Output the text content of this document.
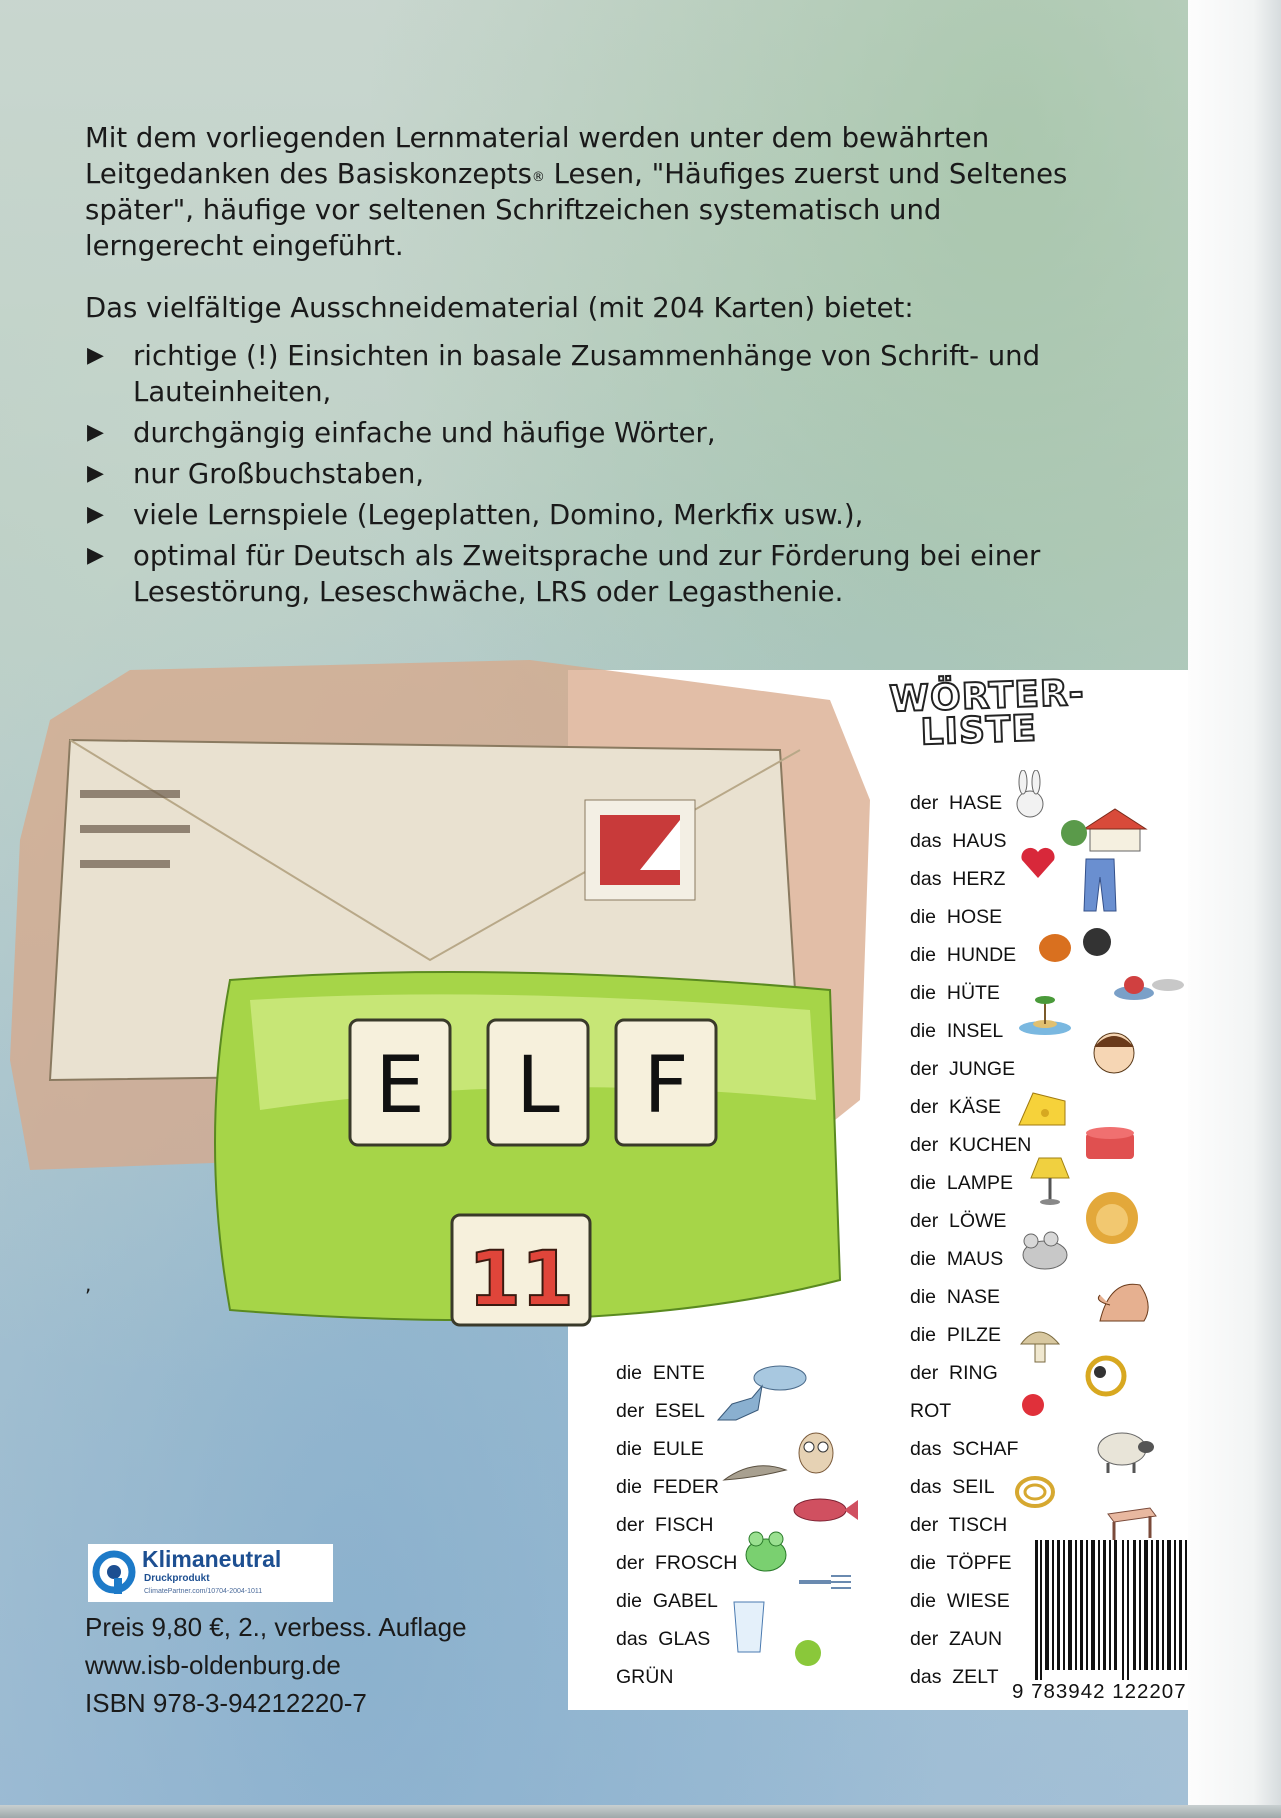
Mit dem vorliegenden Lernmaterial werden unter dem bewährten Leitgedanken des Basiskonzepts® Lesen, "Häufiges zuerst und Seltenes später", häufige vor seltenen Schriftzeichen systematisch und lerngerecht eingeführt.

Das vielfältige Ausschneidematerial (mit 204 Karten) bietet:

▶ richtige (!) Einsichten in basale Zusammenhänge von Schrift- und Lauteinheiten,
▶ durchgängig einfache und häufige Wörter,
▶ nur Großbuchstaben,
▶ viele Lernspiele (Legeplatten, Domino, Merkfix usw.),
▶ optimal für Deutsch als Zweitsprache und zur Förderung bei einer Lesestörung, Leseschwäche, LRS oder Legasthenie.
WÖRTER-
LISTE
die  ENTE
der  ESEL
die  EULE
die  FEDER
der  FISCH
der  FROSCH
die  GABEL
das  GLAS
GRÜN
der  HASE
das  HAUS
das  HERZ
die  HOSE
die  HUNDE
die  HÜTE
die  INSEL
der  JUNGE
der  KÄSE
der  KUCHEN
die  LAMPE
der  LÖWE
die  MAUS
die  NASE
die  PILZE
der  RING
ROT
das  SCHAF
das  SEIL
der  TISCH
die  TÖPFE
die  WIESE
der  ZAUN
das  ZELT
E L F
11
,
9 783942 122207
Klimaneutral
Druckprodukt
ClimatePartner.com/10704-2004-1011
Preis 9,80 €, 2., verbess. Auflage
www.isb-oldenburg.de
ISBN 978-3-94212220-7
